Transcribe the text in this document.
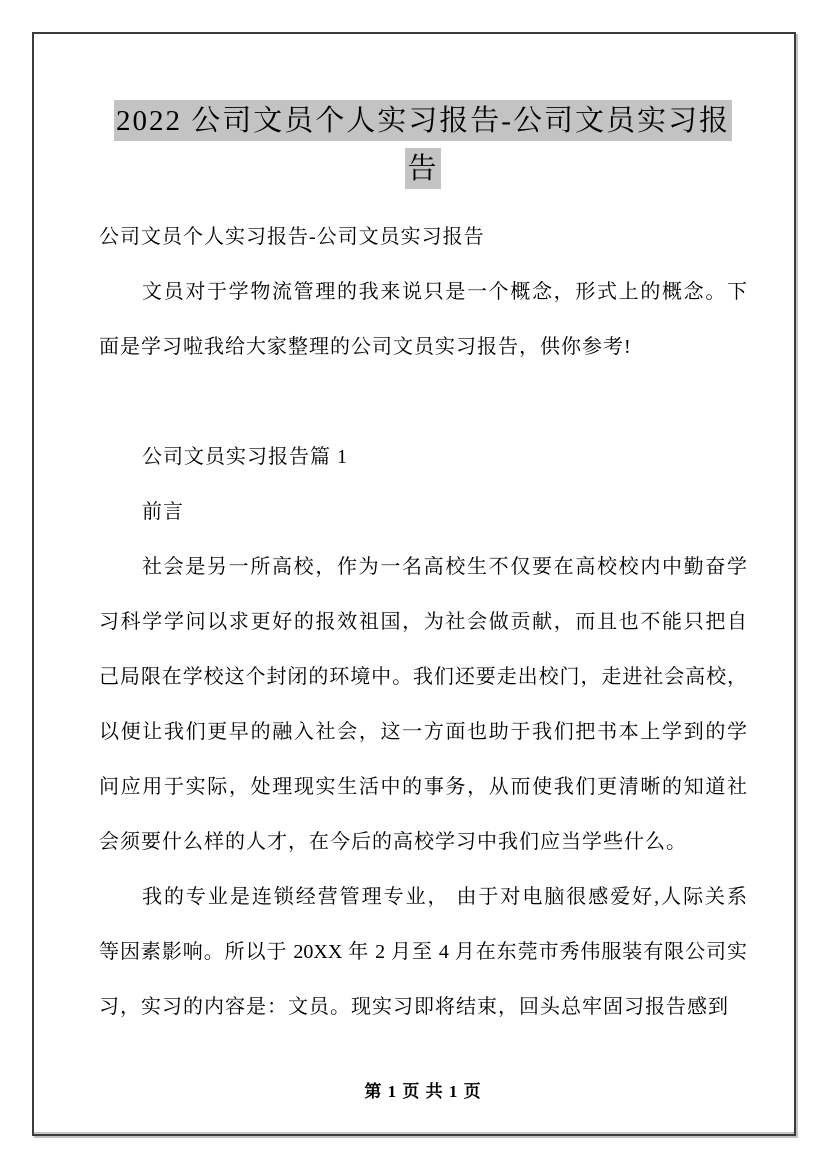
2022 公司文员个人实习报告-公司文员实习报
告
公司文员个人实习报告-公司文员实习报告
文员对于学物流管理的我来说只是一个概念，形式上的概念。下
面是学习啦我给大家整理的公司文员实习报告，供你参考!
公司文员实习报告篇 1
前言
社会是另一所高校，作为一名高校生不仅要在高校校内中勤奋学
习科学学问以求更好的报效祖国，为社会做贡献，而且也不能只把自
己局限在学校这个封闭的环境中。我们还要走出校门，走进社会高校，
以便让我们更早的融入社会，这一方面也助于我们把书本上学到的学
问应用于实际，处理现实生活中的事务，从而使我们更清晰的知道社
会须要什么样的人才，在今后的高校学习中我们应当学些什么。
我的专业是连锁经营管理专业， 由于对电脑很感爱好,人际关系
等因素影响。所以于 20XX 年 2 月至 4 月在东莞市秀伟服装有限公司实
习，实习的内容是：文员。现实习即将结束，回头总牢固习报告感到
第 1 页 共 1 页
